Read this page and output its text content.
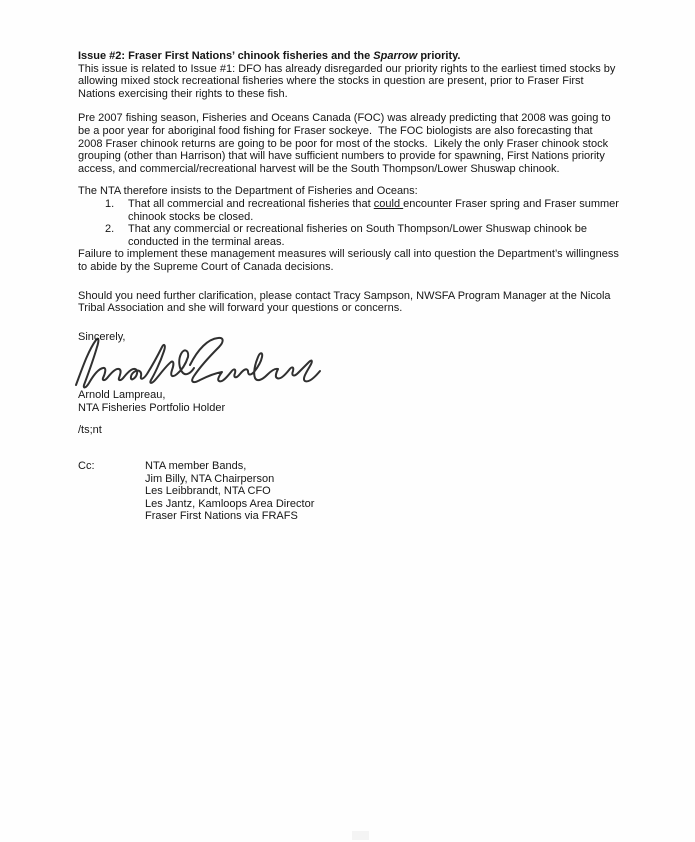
Issue #2: Fraser First Nations’ chinook fisheries and the Sparrow priority.

This issue is related to Issue #1: DFO has already disregarded our priority rights to the earliest timed stocks by allowing mixed stock recreational fisheries where the stocks in question are present, prior to Fraser First Nations exercising their rights to these fish.

Pre 2007 fishing season, Fisheries and Oceans Canada (FOC) was already predicting that 2008 was going to be a poor year for aboriginal food fishing for Fraser sockeye.  The FOC biologists are also forecasting that 2008 Fraser chinook returns are going to be poor for most of the stocks.  Likely the only Fraser chinook stock grouping (other than Harrison) that will have sufficient numbers to provide for spawning, First Nations priority access, and commercial/recreational harvest will be the South Thompson/Lower Shuswap chinook.

The NTA therefore insists to the Department of Fisheries and Oceans:

1.	That all commercial and recreational fisheries that could encounter Fraser spring and Fraser summer chinook stocks be closed.
2.	That any commercial or recreational fisheries on South Thompson/Lower Shuswap chinook be conducted in the terminal areas.

Failure to implement these management measures will seriously call into question the Department’s willingness to abide by the Supreme Court of Canada decisions.

Should you need further clarification, please contact Tracy Sampson, NWSFA Program Manager at the Nicola Tribal Association and she will forward your questions or concerns.

Sincerely,

Arnold Lampreau,

NTA Fisheries Portfolio Holder

/ts;nt

Cc:	NTA member Bands,
Jim Billy, NTA Chairperson
Les Leibbrandt, NTA CFO
Les Jantz, Kamloops Area Director
Fraser First Nations via FRAFS
